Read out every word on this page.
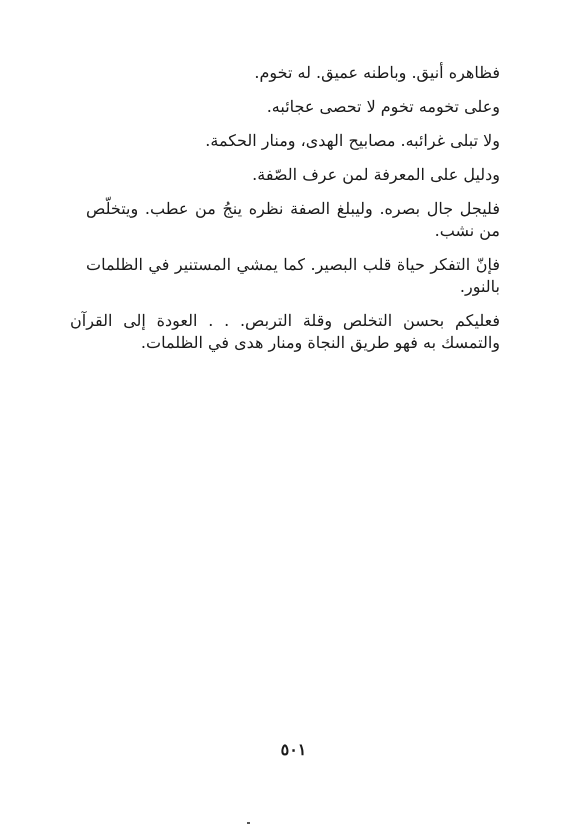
فظاهره أنيق. وباطنه عميق. له تخوم.

وعلى تخومه تخوم لا تحصى عجائبه.

ولا تبلى غرائبه. مصابيح الهدى، ومنار الحكمة.

ودليل على المعرفة لمن عرف الصّفة.

فليجل جال بصره. وليبلغ الصفة نظره ينجُ من عطب. ويتخلّص من نشب.

فإنّ التفكر حياة قلب البصير. كما يمشي المستنير في الظلمات بالنور.

فعليكم بحسن التخلص وقلة التربص. . . العودة إلى القرآن والتمسك به فهو طريق النجاة ومنار هدى في الظلمات.

٥٠١
